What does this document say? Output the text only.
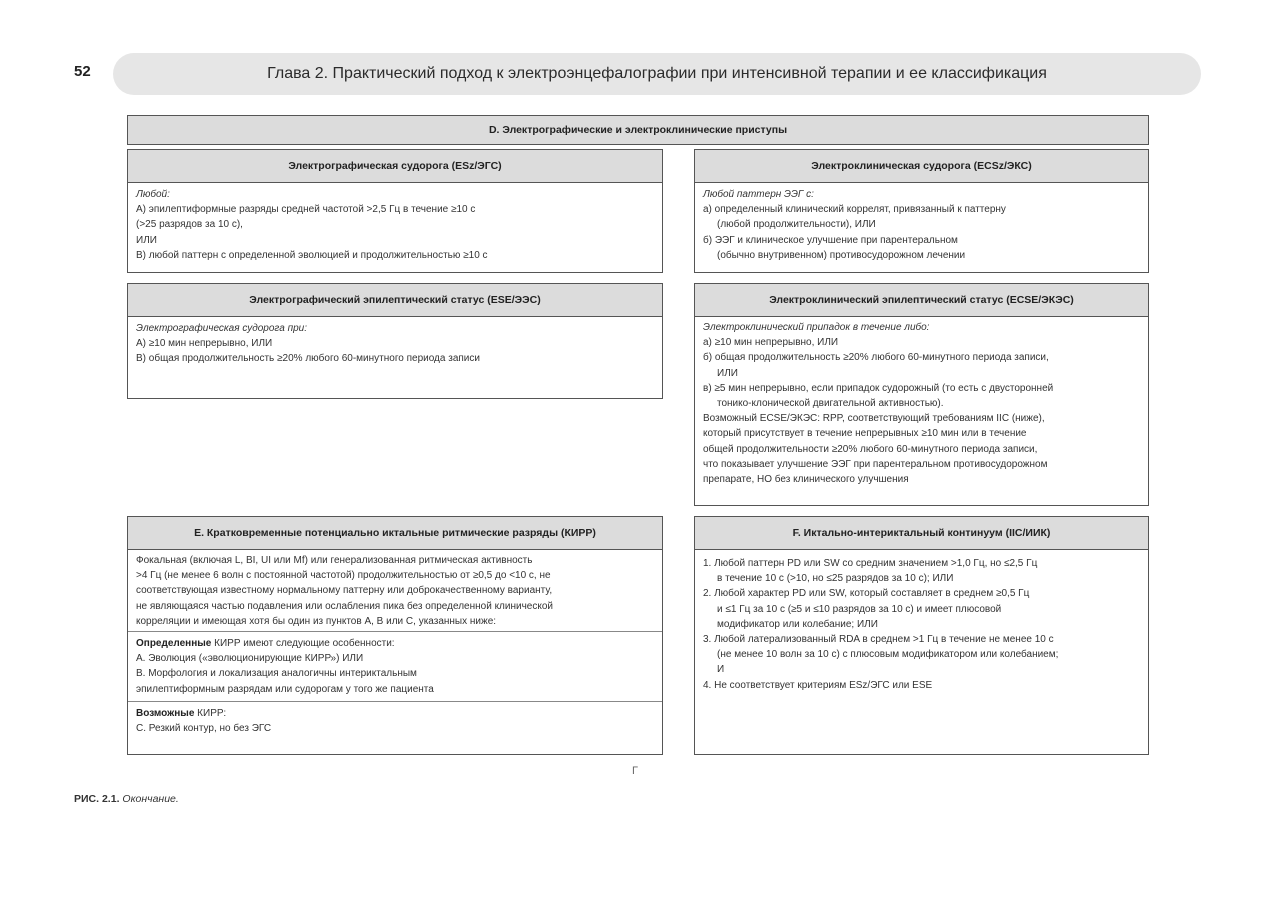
52	Глава 2. Практический подход к электроэнцефалографии при интенсивной терапии и ее классификация
D. Электрографические и электроклинические приступы
Электрографическая судорога (ESz/ЭГС)

Любой:

А) эпилептиформные разряды средней частотой >2,5 Гц в течение ≥10 с

(>25 разрядов за 10 с),

ИЛИ

В) любой паттерн с определенной эволюцией и продолжительностью ≥10 с

Электроклиническая судорога (ECSz/ЭКС)

Любой паттерн ЭЭГ с:

а) определенный клинический коррелят, привязанный к паттерну

(любой продолжительности), ИЛИ

б) ЭЭГ и клиническое улучшение при парентеральном

(обычно внутривенном) противосудорожном лечении

Электрографический эпилептический статус (ESE/ЭЭС)

Электрографическая судорога при:

А) ≥10 мин непрерывно, ИЛИ

В) общая продолжительность ≥20% любого 60-минутного периода записи

Электроклинический эпилептический статус (ECSE/ЭКЭС)

Электроклинический припадок в течение либо:

а) ≥10 мин непрерывно, ИЛИ

б) общая продолжительность ≥20% любого 60-минутного периода записи,

ИЛИ

в) ≥5 мин непрерывно, если припадок судорожный (то есть с двусторонней

тонико-клонической двигательной активностью).

Возможный ECSE/ЭКЭС: RPP, соответствующий требованиям IIC (ниже),

который присутствует в течение непрерывных ≥10 мин или в течение

общей продолжительности ≥20% любого 60-минутного периода записи,

что показывает улучшение ЭЭГ при парентеральном противосудорожном

препарате, НО без клинического улучшения

E. Кратковременные потенциально иктальные ритмические разряды (КИРР)

Фокальная (включая L, BI, UI или Mf) или генерализованная ритмическая активность

>4 Гц (не менее 6 волн с постоянной частотой) продолжительностью от ≥0,5 до <10 с, не

соответствующая известному нормальному паттерну или доброкачественному варианту,

не являющаяся частью подавления или ослабления пика без определенной клинической

корреляции и имеющая хотя бы один из пунктов А, В или С, указанных ниже:

Определенные КИРР имеют следующие особенности:

А. Эволюция («эволюционирующие КИРР») ИЛИ

В. Морфология и локализация аналогичны интериктальным

эпилептиформным разрядам или судорогам у того же пациента

Возможные КИРР:

С. Резкий контур, но без ЭГС

F. Иктально-интериктальный континуум (IIC/ИИК)

1. Любой паттерн PD или SW со средним значением >1,0 Гц, но ≤2,5 Гц

в течение 10 с (>10, но ≤25 разрядов за 10 с); ИЛИ

2. Любой характер PD или SW, который составляет в среднем ≥0,5 Гц

и ≤1 Гц за 10 с (≥5 и ≤10 разрядов за 10 с) и имеет плюсовой

модификатор или колебание; ИЛИ

3. Любой латерализованный RDA в среднем >1 Гц в течение не менее 10 с

(не менее 10 волн за 10 с) с плюсовым модификатором или колебанием;

И

4. Не соответствует критериям ESz/ЭГС или ESE

Г
РИС. 2.1. Окончание.
